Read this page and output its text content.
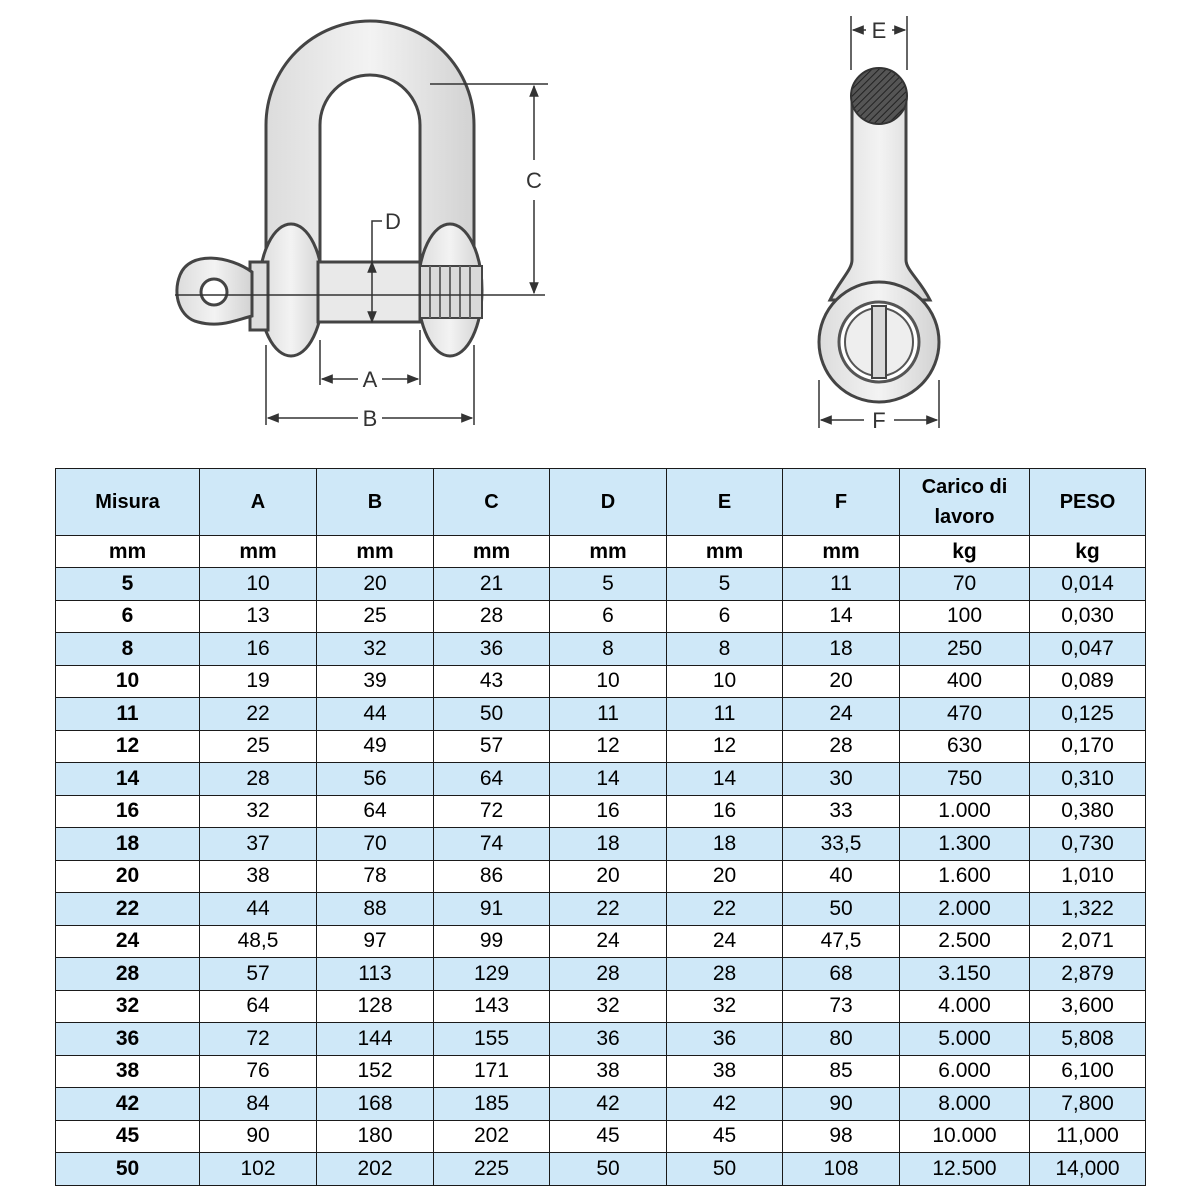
C
D
A
B
E
F
Misura	A	B	C	D	E	F	Carico di lavoro	PESO
mm	mm	mm	mm	mm	mm	mm	kg	kg
5	10	20	21	5	5	11	70	0,014
6	13	25	28	6	6	14	100	0,030
8	16	32	36	8	8	18	250	0,047
10	19	39	43	10	10	20	400	0,089
11	22	44	50	11	11	24	470	0,125
12	25	49	57	12	12	28	630	0,170
14	28	56	64	14	14	30	750	0,310
16	32	64	72	16	16	33	1.000	0,380
18	37	70	74	18	18	33,5	1.300	0,730
20	38	78	86	20	20	40	1.600	1,010
22	44	88	91	22	22	50	2.000	1,322
24	48,5	97	99	24	24	47,5	2.500	2,071
28	57	113	129	28	28	68	3.150	2,879
32	64	128	143	32	32	73	4.000	3,600
36	72	144	155	36	36	80	5.000	5,808
38	76	152	171	38	38	85	6.000	6,100
42	84	168	185	42	42	90	8.000	7,800
45	90	180	202	45	45	98	10.000	11,000
50	102	202	225	50	50	108	12.500	14,000
